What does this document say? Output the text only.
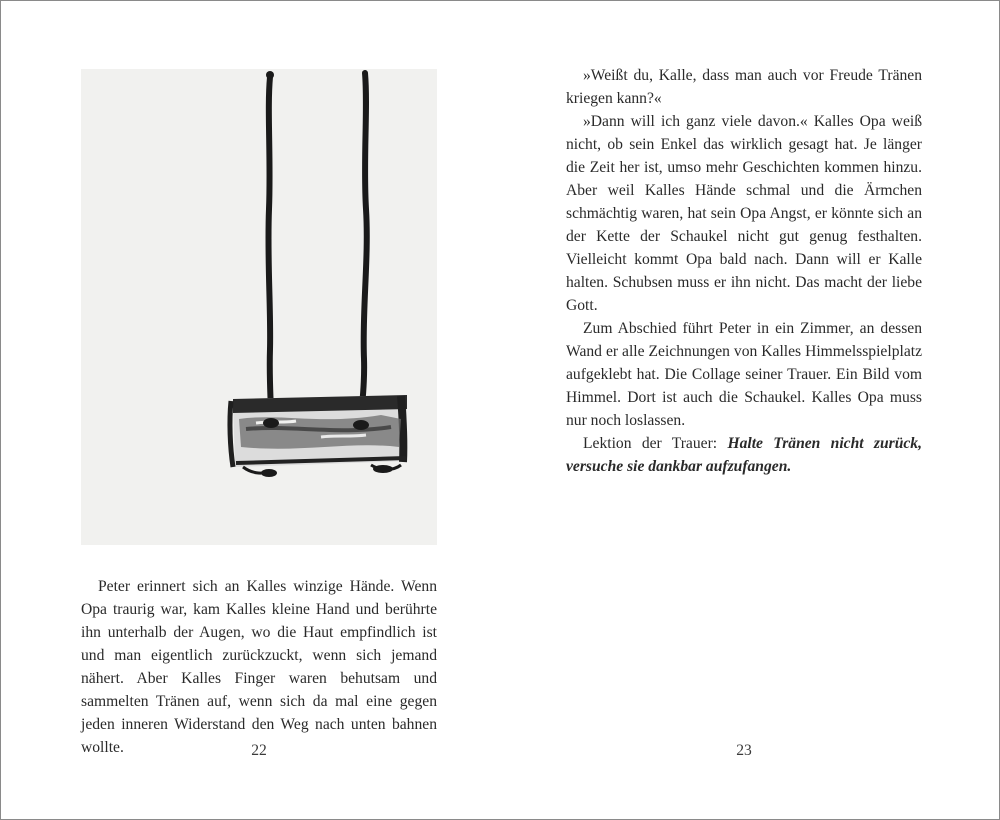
Peter erinnert sich an Kalles winzige Hände. Wenn Opa traurig war, kam Kalles kleine Hand und berührte ihn unterhalb der Augen, wo die Haut empfindlich ist und man eigentlich zurückzuckt, wenn sich jemand nähert. Aber Kalles Finger waren behutsam und sammelten Tränen auf, wenn sich da mal eine gegen jeden inneren Widerstand den Weg nach unten bahnen wollte.	22

»Weißt du, Kalle, dass man auch vor Freude Tränen kriegen kann?«

»Dann will ich ganz viele davon.« Kalles Opa weiß nicht, ob sein Enkel das wirklich gesagt hat. Je länger die Zeit her ist, umso mehr Geschichten kommen hinzu. Aber weil Kalles Hände schmal und die Ärmchen schmächtig waren, hat sein Opa Angst, er könnte sich an der Kette der Schaukel nicht gut genug festhalten. Vielleicht kommt Opa bald nach. Dann will er Kalle halten. Schubsen muss er ihn nicht. Das macht der liebe Gott.

Zum Abschied führt Peter in ein Zimmer, an dessen Wand er alle Zeichnungen von Kalles Himmelsspielplatz aufgeklebt hat. Die Collage seiner Trauer. Ein Bild vom Himmel. Dort ist auch die Schaukel. Kalles Opa muss nur noch loslassen.

Lektion der Trauer: Halte Tränen nicht zurück, versuche sie dankbar aufzufangen.

23
